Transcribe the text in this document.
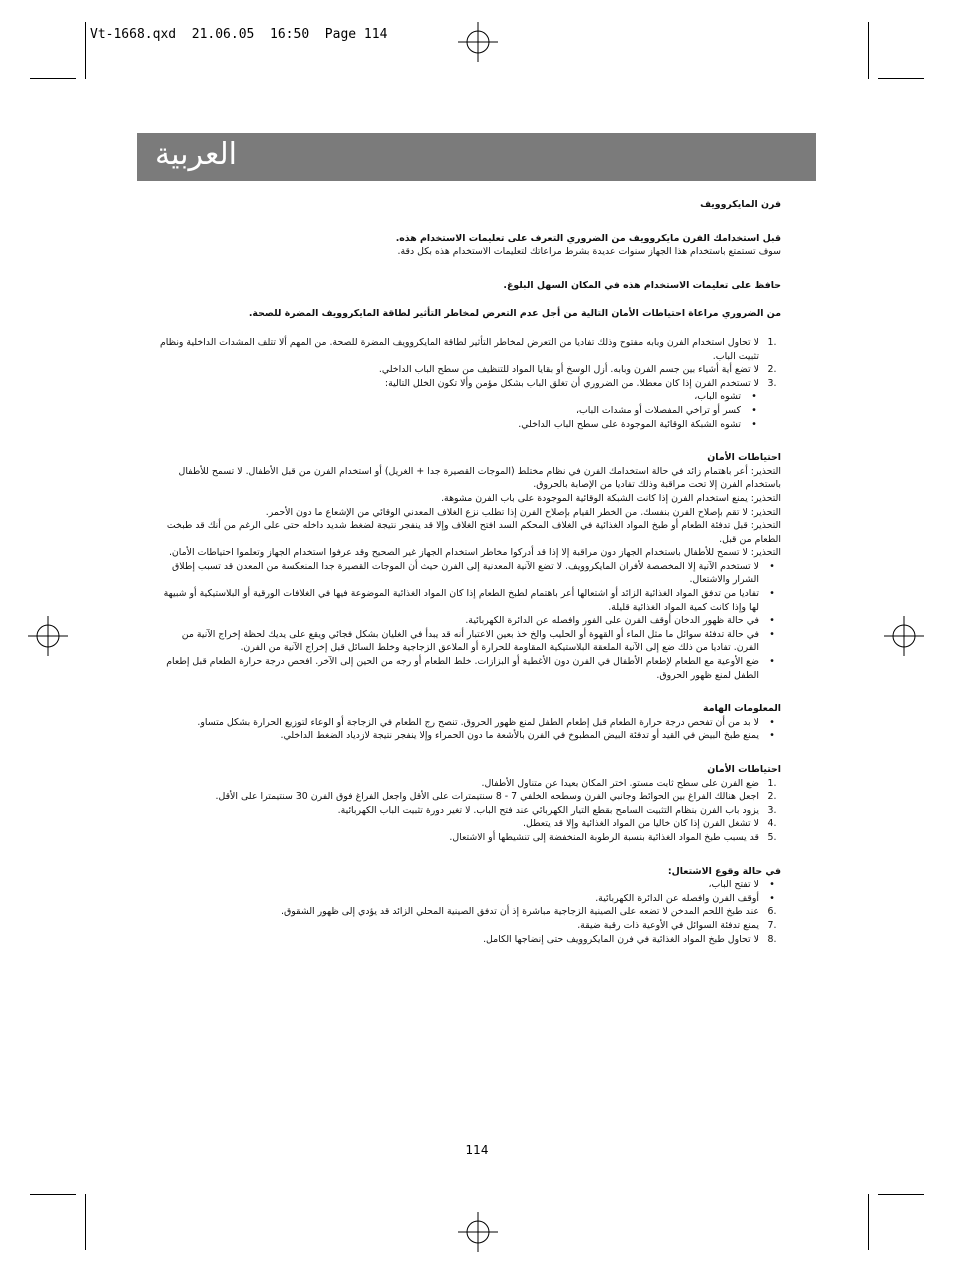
Vt-1668.qxd  21.06.05  16:50  Page 114
العربية

فرن المايكروويف

قبل استخدامك الفرن مايكروويف من الضروري التعرف على تعليمات الاستخدام هذه.

سوف تستمتع باستخدام هذا الجهاز سنوات عديدة بشرط مراعاتك لتعليمات الاستخدام هذه بكل دقة.

حافظ على تعليمات الاستخدام هذه في المكان السهل البلوغ.

من الضروري مراعاة احتياطات الأمان التالية من أجل عدم التعرض لمخاطر التأثير لطاقة المايكروويف المضرة للصحة.

1.
لا تحاول استخدام الفرن وبابه مفتوح وذلك تفاديا من التعرض لمخاطر التأثير لطاقة المايكروويف المضرة للصحة. من المهم ألا تتلف المشدات الداخلية ونظام تثبيت الباب.
2.
لا تضع أية أشياء بين جسم الفرن وبابه. أزل الوسخ أو بقايا المواد للتنظيف من سطح الباب الداخلي.
3.
لا تستخدم الفرن إذا كان معطلا. من الضروري أن تغلق الباب بشكل مؤمن وألا تكون الخلل التالية:
•
تشوه الباب،
•
كسر أو تراخي المفصلات أو مشدات الباب،
•
تشوه الشبكة الوقائية الموجودة على سطح الباب الداخلي.

احتياطات الأمان

التحذير: أعر باهتمام زائد في حالة استخدامك الفرن في نظام مختلط (الموجات القصيرة جدا + الغريل) أو استخدام الفرن من قبل الأطفال. لا تسمح للأطفال باستخدام الفرن إلا تحت مراقبة وذلك تفاديا من الإصابة بالحروق.

التحذير: يمنع استخدام الفرن إذا كانت الشبكة الوقائية الموجودة على باب الفرن مشوهة.

التحذير: لا تقم بإصلاح الفرن بنفسك. من الخطر القيام بإصلاح الفرن إذا تطلب نزع الغلاف المعدني الوقائي من الإشعاع ما دون الأحمر.

التحذير: قبل تدفئة الطعام أو طبخ المواد الغذائية في الغلاف المحكم السد افتح الغلاف وإلا قد ينفجر نتيجة لضغط شديد داخله حتى على الرغم من أنك قد طبخت الطعام من قبل.

التحذير: لا تسمح للأطفال باستخدام الجهاز دون مراقبة إلا إذا قد أدركوا مخاطر استخدام الجهاز غير الصحيح وقد عرفوا استخدام الجهاز وتعلموا احتياطات الأمان.

•
لا تستخدم الآنية إلا المخصصة لأفران المايكروويف. لا تضع الآنية المعدنية إلى الفرن حيث أن الموجات القصيرة جدا المنعكسة من المعدن قد تسبب إطلاق الشرار والاشتعال.
•
تفاديا من تدفق المواد الغذائية الزائد أو اشتعالها أعر باهتمام لطبخ الطعام إذا كان المواد الغذائية الموضوعة فيها في الغلافات الورقية أو البلاستيكية أو شبيهة لها وإذا كانت كمية المواد الغذائية قليلة.
•
في حالة ظهور الدخان أوقف الفرن على الفور وافصله عن الدائرة الكهربائية.
•
في حالة تدفئة سوائل ما مثل الماء أو القهوة أو الحليب والخ خذ بعين الاعتبار أنه قد يبدأ في الغليان بشكل فجائي ويقع على يديك لحظة إخراج الآنية من الفرن. تفاديا من ذلك ضع إلى الآنية الملعقة البلاستيكية المقاومة للحرارة أو الملاعق الزجاجية وخلط السائل قبل إخراج الآنية من الفرن.
•
ضع الأوعية مع الطعام لإطعام الأطفال في الفرن دون الأغطية أو البزازات. خلط الطعام أو رجه من الحين إلى الآخر. افحص درجة حرارة الطعام قبل إطعام الطفل لمنع ظهور الحروق.

المعلومات الهامة

•
لا بد من أن تفحص درجة حرارة الطعام قبل إطعام الطفل لمنع ظهور الحروق. تنصح رج الطعام في الزجاجة أو الوعاء لتوزيع الحرارة بشكل متساو.
•
يمنع طبخ البيض في القيد أو تدفئة البيض المطبوخ في الفرن بالأشعة ما دون الحمراء وإلا ينفجر نتيجة لازدياد الضغط الداخلي.

احتياطات الأمان

1.
ضع الفرن على سطح ثابت مستو. اختر المكان بعيدا عن متناول الأطفال.
2.
اجعل هنالك الفراغ بين الحوائط وجانبي الفرن وسطحه الخلفي 7 - 8 سنتيمترات على الأقل واجعل الفراغ فوق الفرن 30 سنتيمترا على الأقل.
3.
يزود باب الفرن بنظام التثبيت السامح بقطع التيار الكهربائي عند فتح الباب. لا تغير دورة تثبيت الباب الكهربائية.
4.
لا تشغل الفرن إذا كان خاليا من المواد الغذائية وإلا قد يتعطل.
5.
قد يسبب طبخ المواد الغذائية بنسبة الرطوبة المنخفضة إلى تنشيطها أو الاشتعال.

في حالة وقوع الاشتعال:

•
لا تفتح الباب،
•
أوقف الفرن وافصله عن الدائرة الكهربائية.
6.
عند طبخ اللحم المدخن لا تضعه على الصينية الزجاجية مباشرة إذ أن تدفق الصينية المحلي الزائد قد يؤدي إلى ظهور الشقوق.
7.
يمنع تدفئة السوائل في الأوعية ذات رقبة ضيقة.
8.
لا تحاول طبخ المواد الغذائية في فرن المايكروويف حتى إنضاجها الكامل.
114
